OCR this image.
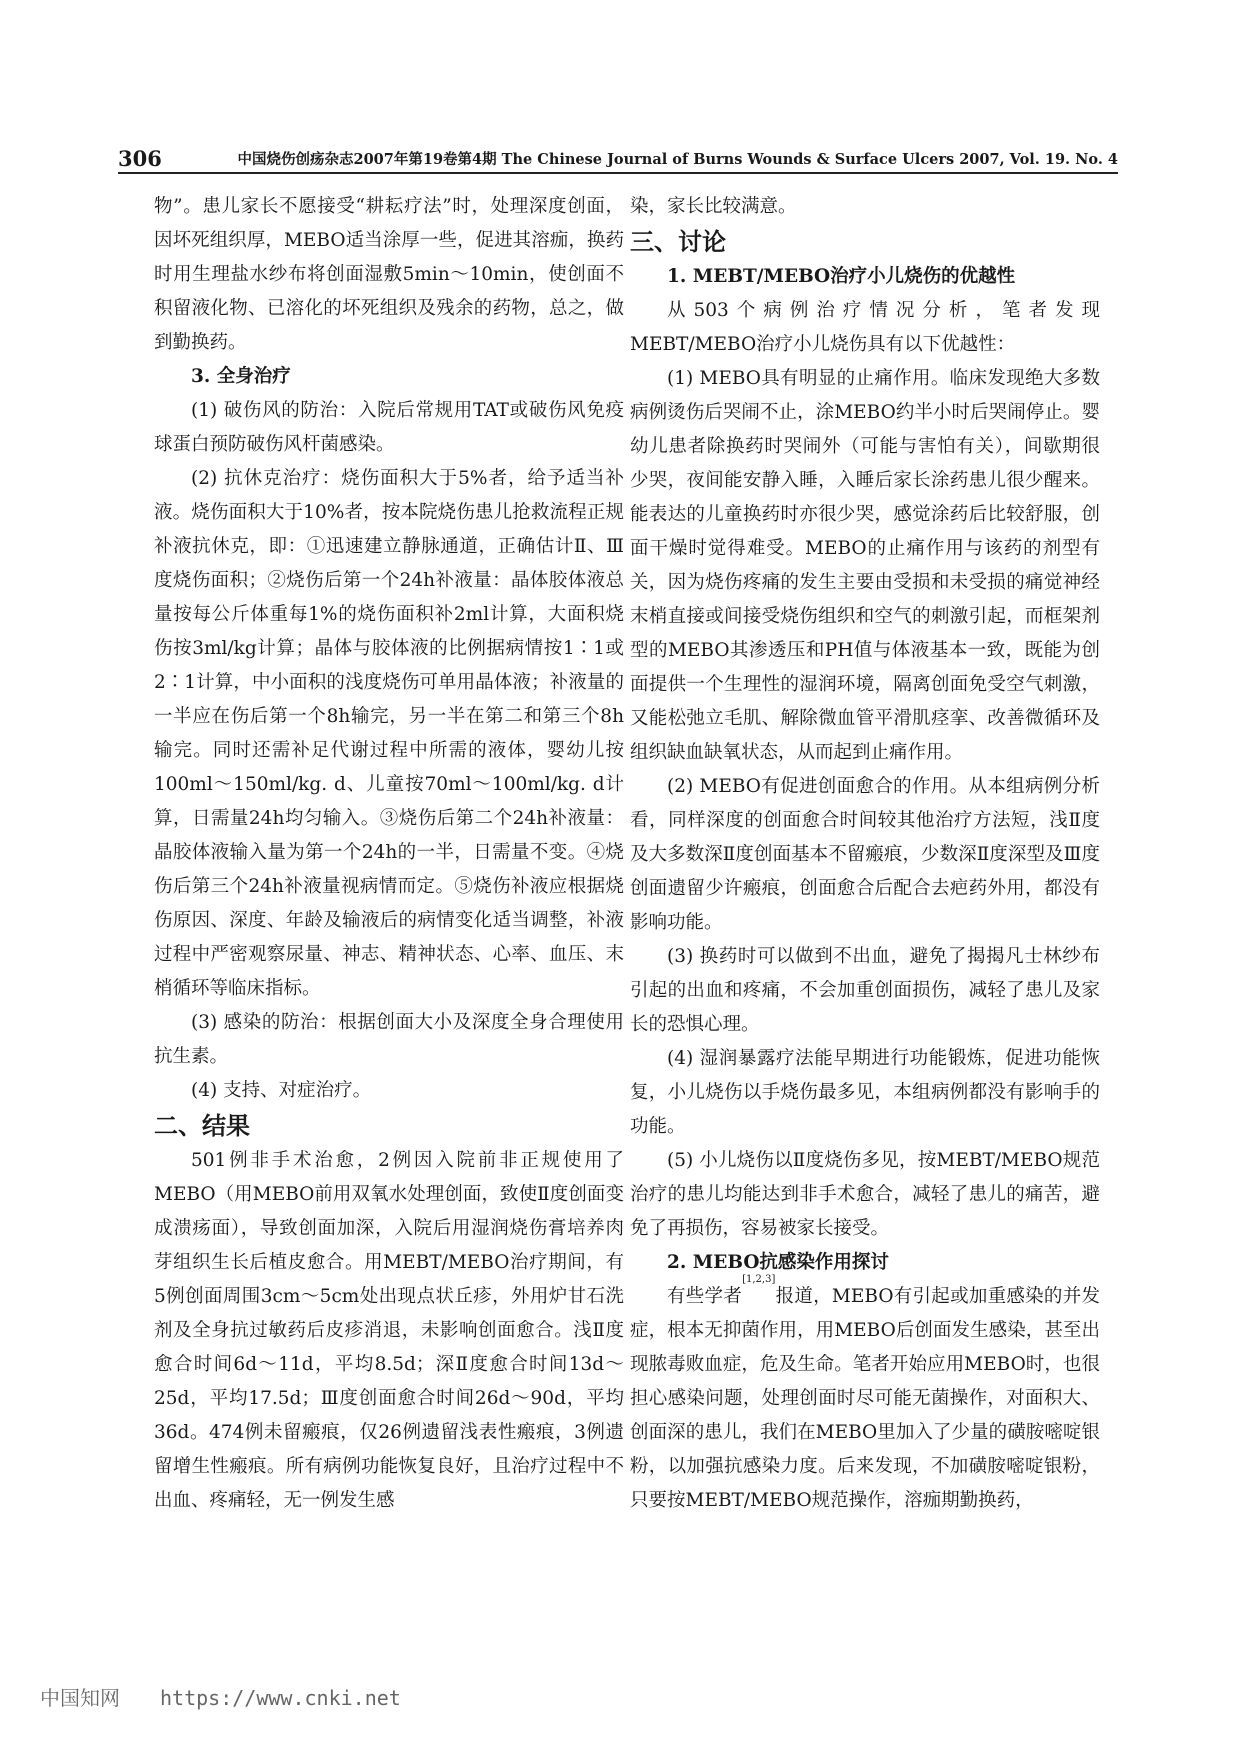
306	中国烧伤创疡杂志2007年第19卷第4期 The Chinese Journal of Burns Wounds & Surface Ulcers 2007, Vol. 19. No. 4

物”。患儿家长不愿接受“耕耘疗法”时，处理深度创面，因坏死组织厚，MEBO适当涂厚一些，促进其溶痂，换药时用生理盐水纱布将创面湿敷5min～10min，使创面不积留液化物、已溶化的坏死组织及残余的药物，总之，做到勤换药。

3. 全身治疗

(1) 破伤风的防治：入院后常规用TAT或破伤风免疫球蛋白预防破伤风杆菌感染。

(2) 抗休克治疗：烧伤面积大于5%者，给予适当补液。烧伤面积大于10%者，按本院烧伤患儿抢救流程正规补液抗休克，即：①迅速建立静脉通道，正确估计Ⅱ、Ⅲ度烧伤面积；②烧伤后第一个24h补液量：晶体胶体液总量按每公斤体重每1%的烧伤面积补2ml计算，大面积烧伤按3ml/kg计算；晶体与胶体液的比例据病情按1∶1或2∶1计算，中小面积的浅度烧伤可单用晶体液；补液量的一半应在伤后第一个8h输完，另一半在第二和第三个8h输完。同时还需补足代谢过程中所需的液体，婴幼儿按100ml～150ml/kg. d、儿童按70ml～100ml/kg. d计算，日需量24h均匀输入。③烧伤后第二个24h补液量：晶胶体液输入量为第一个24h的一半，日需量不变。④烧伤后第三个24h补液量视病情而定。⑤烧伤补液应根据烧伤原因、深度、年龄及输液后的病情变化适当调整，补液过程中严密观察尿量、神志、精神状态、心率、血压、末梢循环等临床指标。

(3) 感染的防治：根据创面大小及深度全身合理使用抗生素。

(4) 支持、对症治疗。

二、结果

501例非手术治愈，2例因入院前非正规使用了MEBO（用MEBO前用双氧水处理创面，致使Ⅱ度创面变成溃疡面），导致创面加深，入院后用湿润烧伤膏培养肉芽组织生长后植皮愈合。用MEBT/MEBO治疗期间，有5例创面周围3cm～5cm处出现点状丘疹，外用炉甘石洗剂及全身抗过敏药后皮疹消退，未影响创面愈合。浅Ⅱ度愈合时间6d～11d，平均8.5d；深Ⅱ度愈合时间13d～25d，平均17.5d；Ⅲ度创面愈合时间26d～90d，平均36d。474例未留瘢痕，仅26例遗留浅表性瘢痕，3例遗留增生性瘢痕。所有病例功能恢复良好，且治疗过程中不出血、疼痛轻，无一例发生感

染，家长比较满意。

三、讨论

1. MEBT/MEBO治疗小儿烧伤的优越性

从503个病例治疗情况分析，笔者发现MEBT/MEBO治疗小儿烧伤具有以下优越性：

(1) MEBO具有明显的止痛作用。临床发现绝大多数病例烫伤后哭闹不止，涂MEBO约半小时后哭闹停止。婴幼儿患者除换药时哭闹外（可能与害怕有关），间歇期很少哭，夜间能安静入睡，入睡后家长涂药患儿很少醒来。能表达的儿童换药时亦很少哭，感觉涂药后比较舒服，创面干燥时觉得难受。MEBO的止痛作用与该药的剂型有关，因为烧伤疼痛的发生主要由受损和未受损的痛觉神经末梢直接或间接受烧伤组织和空气的刺激引起，而框架剂型的MEBO其渗透压和PH值与体液基本一致，既能为创面提供一个生理性的湿润环境，隔离创面免受空气刺激，又能松弛立毛肌、解除微血管平滑肌痉挛、改善微循环及组织缺血缺氧状态，从而起到止痛作用。

(2) MEBO有促进创面愈合的作用。从本组病例分析看，同样深度的创面愈合时间较其他治疗方法短，浅Ⅱ度及大多数深Ⅱ度创面基本不留瘢痕，少数深Ⅱ度深型及Ⅲ度创面遗留少许瘢痕，创面愈合后配合去疤药外用，都没有影响功能。

(3) 换药时可以做到不出血，避免了揭揭凡士林纱布引起的出血和疼痛，不会加重创面损伤，减轻了患儿及家长的恐惧心理。

(4) 湿润暴露疗法能早期进行功能锻炼，促进功能恢复，小儿烧伤以手烧伤最多见，本组病例都没有影响手的功能。

(5) 小儿烧伤以Ⅱ度烧伤多见，按MEBT/MEBO规范治疗的患儿均能达到非手术愈合，减轻了患儿的痛苦，避免了再损伤，容易被家长接受。

2. MEBO抗感染作用探讨

有些学者[1,2,3]报道，MEBO有引起或加重感染的并发症，根本无抑菌作用，用MEBO后创面发生感染，甚至出现脓毒败血症，危及生命。笔者开始应用MEBO时，也很担心感染问题，处理创面时尽可能无菌操作，对面积大、创面深的患儿，我们在MEBO里加入了少量的磺胺嘧啶银粉，以加强抗感染力度。后来发现，不加磺胺嘧啶银粉，只要按MEBT/MEBO规范操作，溶痂期勤换药，

中国知网 https://www.cnki.net
